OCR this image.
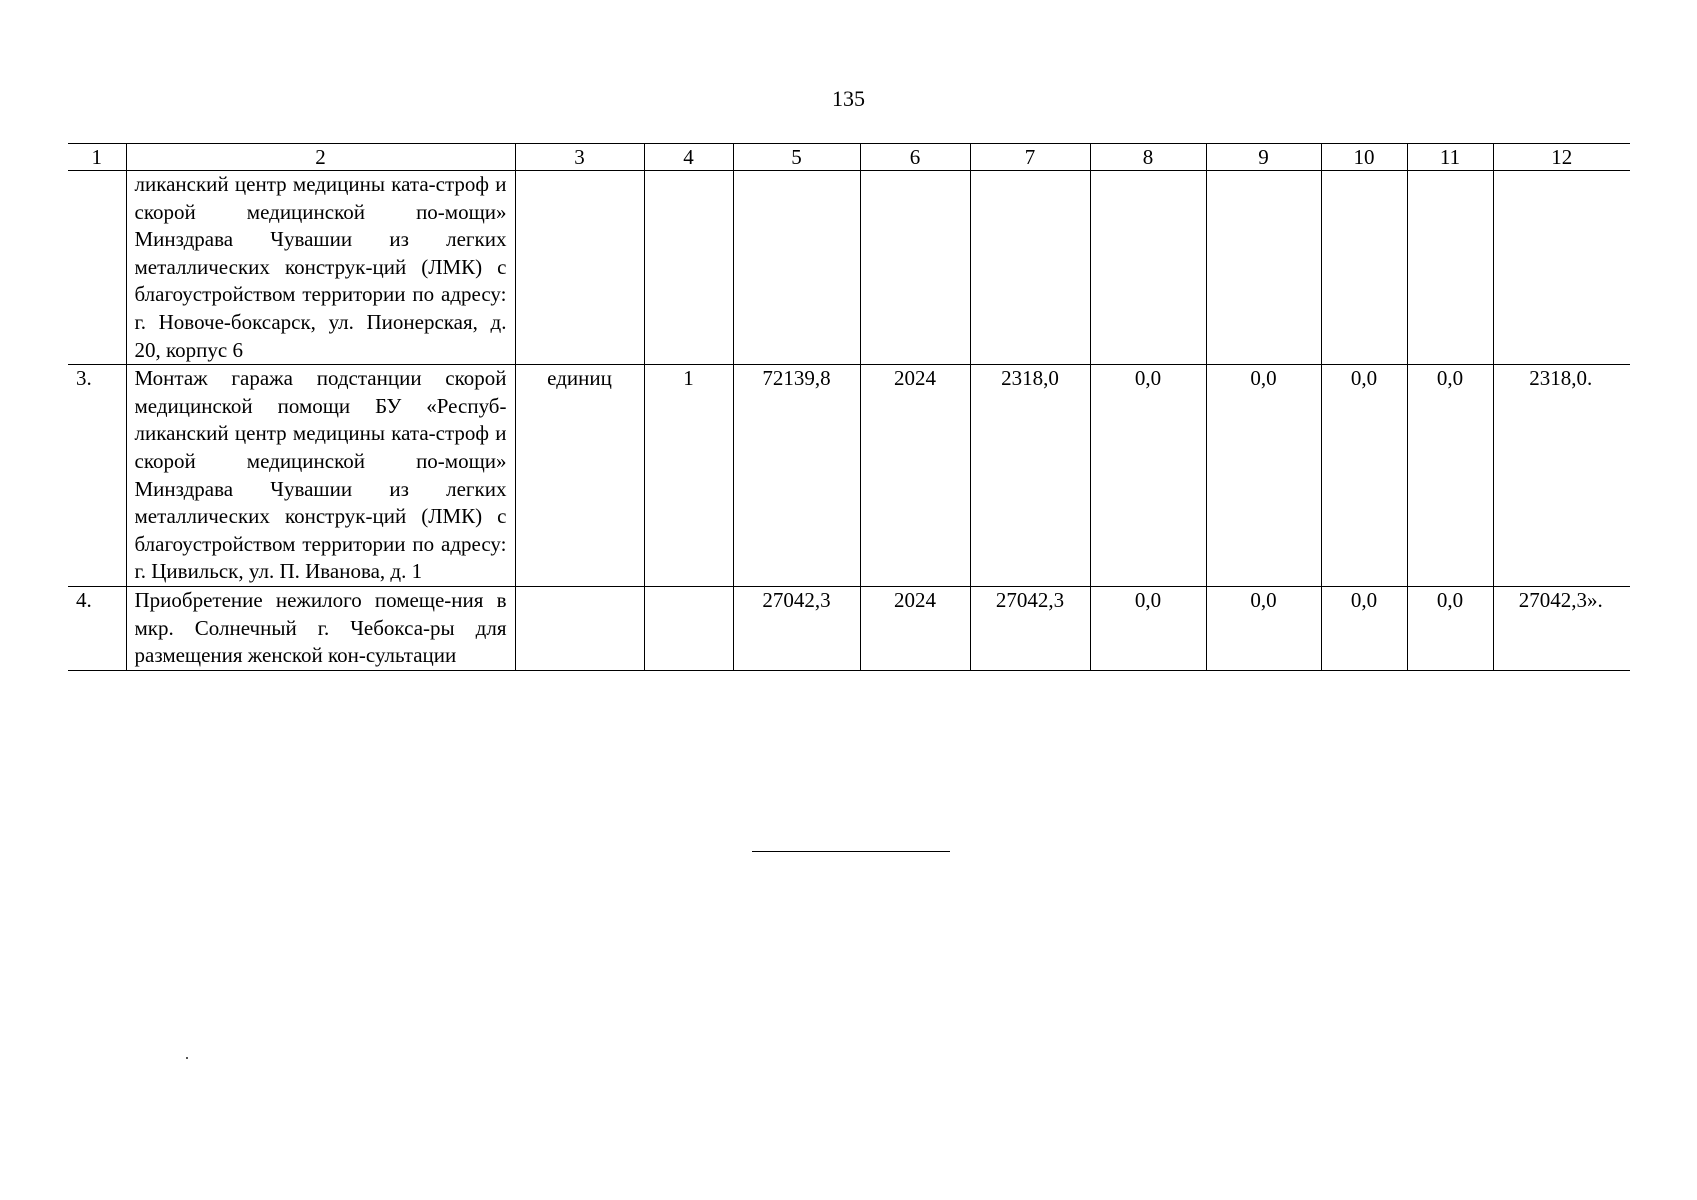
135
1	2	3	4	5	6	7	8	9	10	11	12
	ликанский центр медицины ката-строф и скорой медицинской по-мощи» Минздрава Чувашии из легких металлических конструк-ций (ЛМК) с благоустройством территории по адресу: г. Новоче-боксарск, ул. Пионерская, д. 20, корпус 6										
3.	Монтаж гаража подстанции скорой медицинской помощи БУ «Респуб-ликанский центр медицины ката-строф и скорой медицинской по-мощи» Минздрава Чувашии из легких металлических конструк-ций (ЛМК) с благоустройством территории по адресу: г. Цивильск, ул. П. Иванова, д. 1	единиц	1	72139,8	2024	2318,0	0,0	0,0	0,0	0,0	2318,0.
4.	Приобретение нежилого помеще-ния в мкр. Солнечный г. Чебокса-ры для размещения женской кон-сультации			27042,3	2024	27042,3	0,0	0,0	0,0	0,0	27042,3».
